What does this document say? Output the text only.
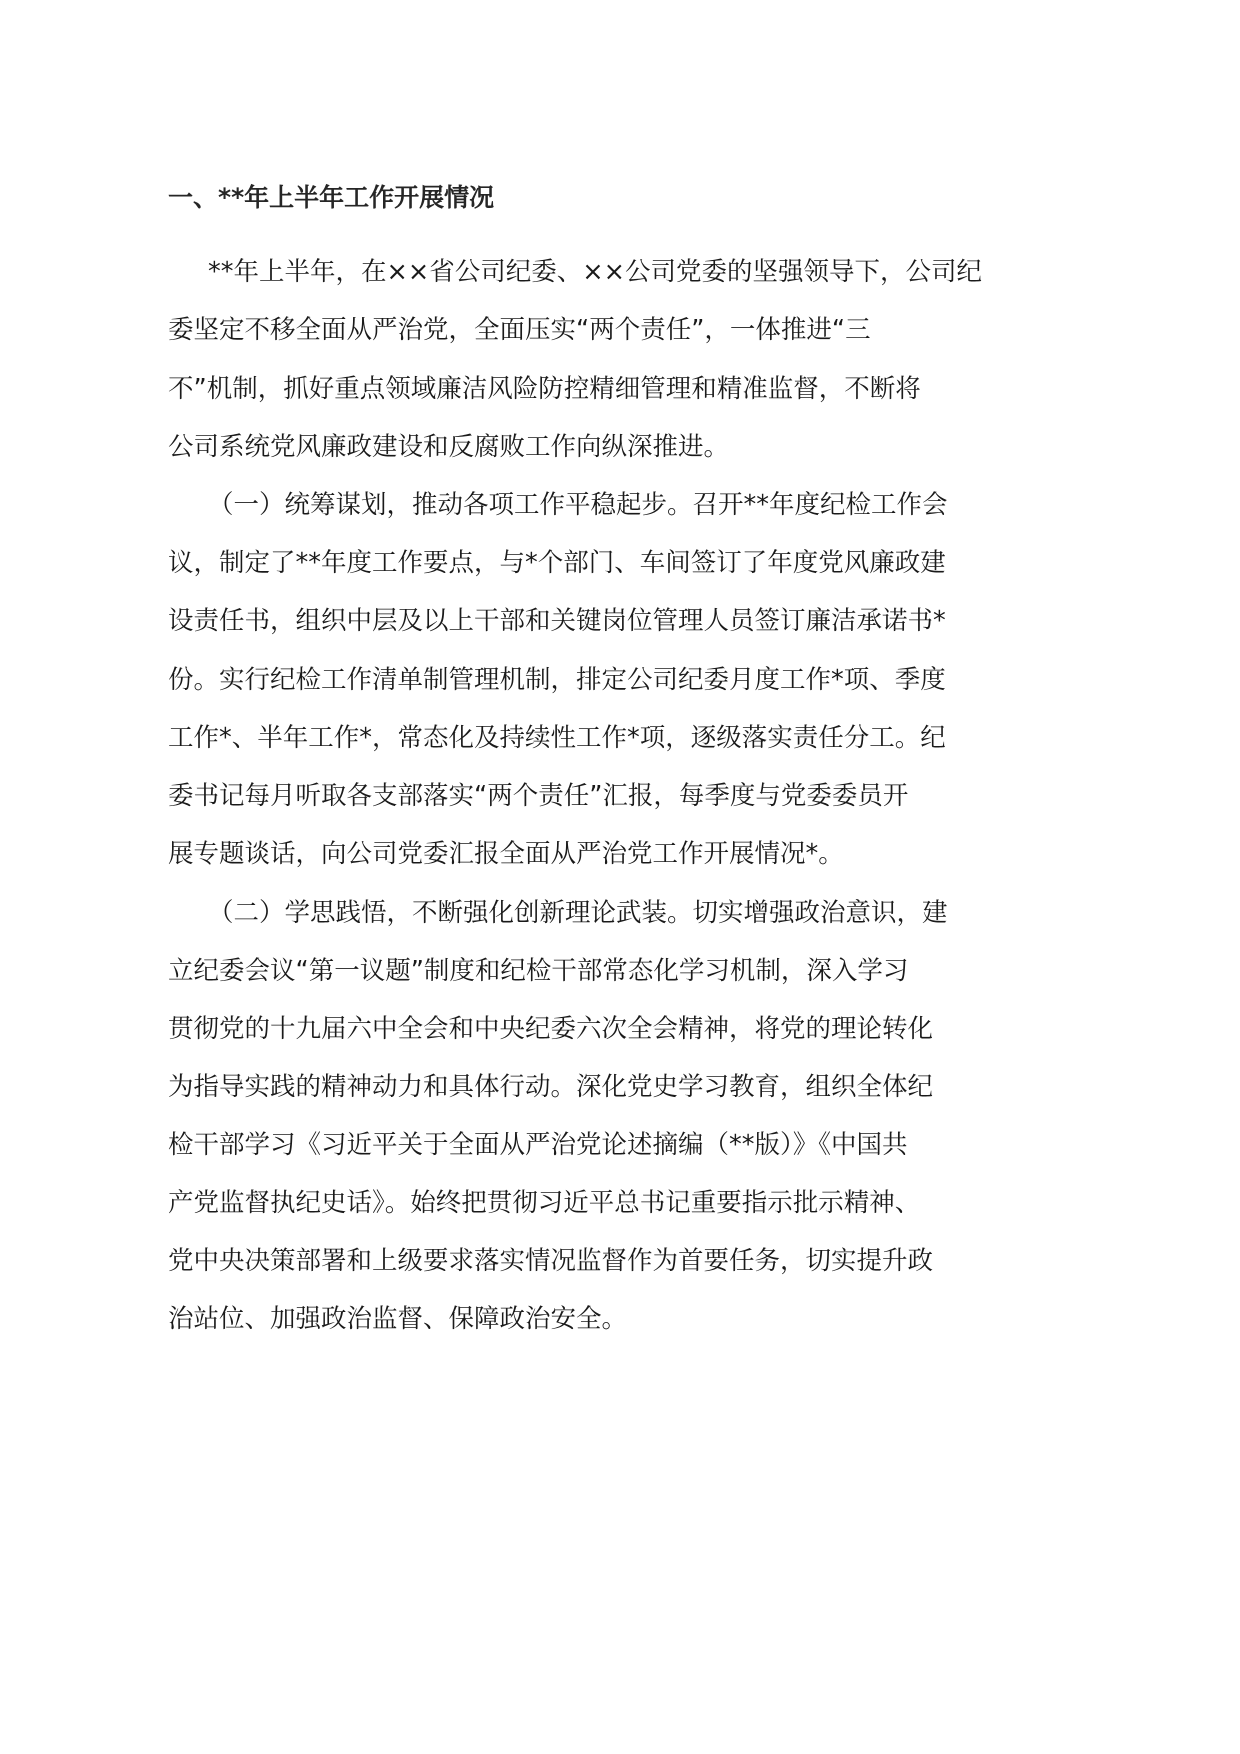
一、**年上半年工作开展情况
**年上半年，在××省公司纪委、××公司党委的坚强领导下，公司纪
委坚定不移全面从严治党，全面压实“两个责任”，一体推进“三
不”机制，抓好重点领域廉洁风险防控精细管理和精准监督，不断将
公司系统党风廉政建设和反腐败工作向纵深推进。
（一）统筹谋划，推动各项工作平稳起步。召开**年度纪检工作会
议，制定了**年度工作要点，与*个部门、车间签订了年度党风廉政建
设责任书，组织中层及以上干部和关键岗位管理人员签订廉洁承诺书*
份。实行纪检工作清单制管理机制，排定公司纪委月度工作*项、季度
工作*、半年工作*，常态化及持续性工作*项，逐级落实责任分工。纪
委书记每月听取各支部落实“两个责任”汇报，每季度与党委委员开
展专题谈话，向公司党委汇报全面从严治党工作开展情况*。
（二）学思践悟，不断强化创新理论武装。切实增强政治意识，建
立纪委会议“第一议题”制度和纪检干部常态化学习机制，深入学习
贯彻党的十九届六中全会和中央纪委六次全会精神，将党的理论转化
为指导实践的精神动力和具体行动。深化党史学习教育，组织全体纪
检干部学习《习近平关于全面从严治党论述摘编（**版）》《中国共
产党监督执纪史话》。始终把贯彻习近平总书记重要指示批示精神、
党中央决策部署和上级要求落实情况监督作为首要任务，切实提升政
治站位、加强政治监督、保障政治安全。
